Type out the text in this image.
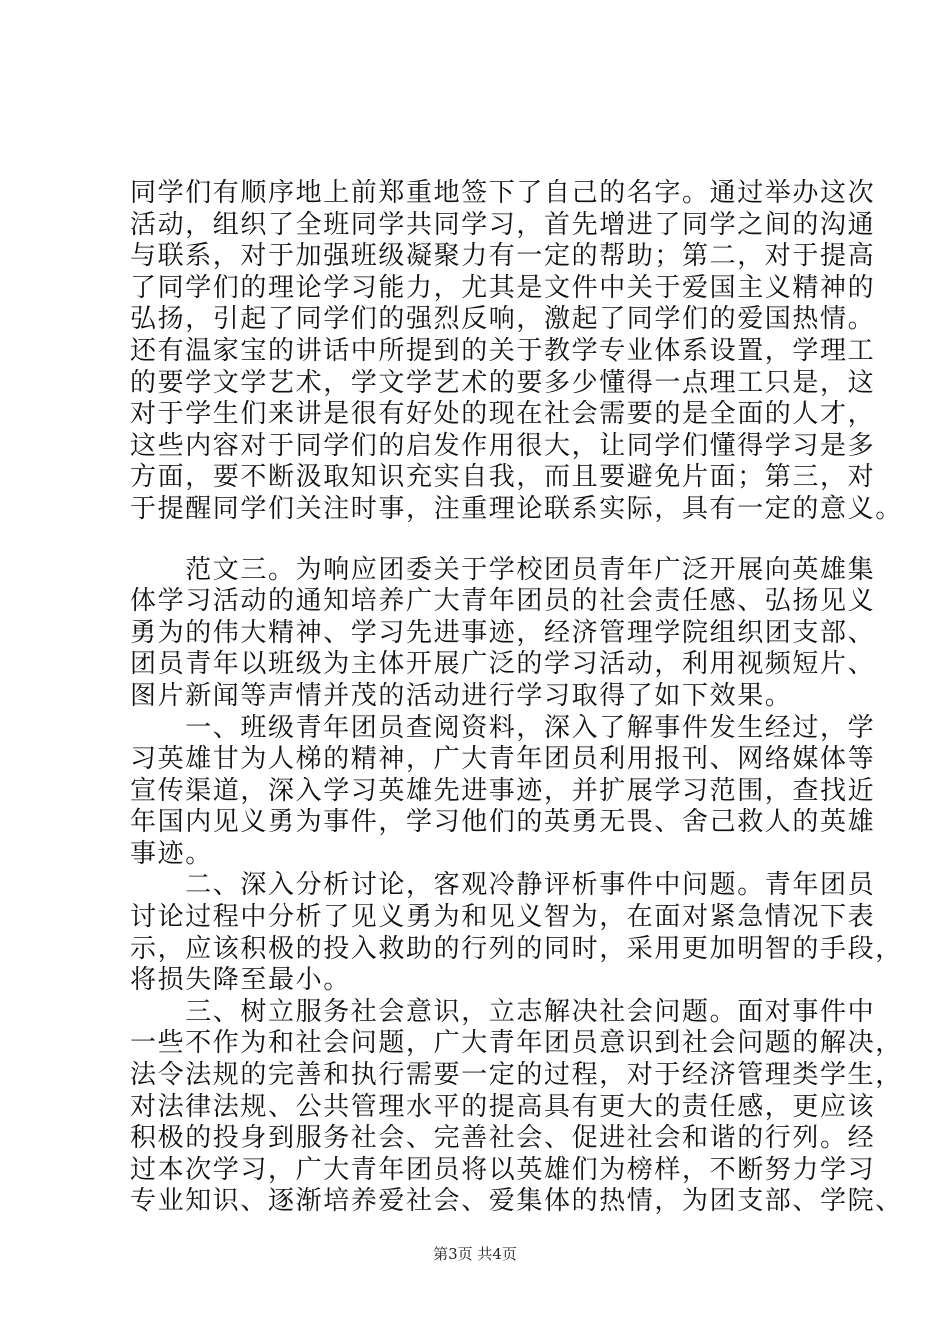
同学们有顺序地上前郑重地签下了自己的名字。通过举办这次
活动，组织了全班同学共同学习，首先增进了同学之间的沟通
与联系，对于加强班级凝聚力有一定的帮助；第二，对于提高
了同学们的理论学习能力，尤其是文件中关于爱国主义精神的
弘扬，引起了同学们的强烈反响，激起了同学们的爱国热情。
还有温家宝的讲话中所提到的关于教学专业体系设置，学理工
的要学文学艺术，学文学艺术的要多少懂得一点理工只是，这
对于学生们来讲是很有好处的现在社会需要的是全面的人才，
这些内容对于同学们的启发作用很大，让同学们懂得学习是多
方面，要不断汲取知识充实自我，而且要避免片面；第三，对
于提醒同学们关注时事，注重理论联系实际，具有一定的意义。
　　范文三。为响应团委关于学校团员青年广泛开展向英雄集
体学习活动的通知培养广大青年团员的社会责任感、弘扬见义
勇为的伟大精神、学习先进事迹，经济管理学院组织团支部、
团员青年以班级为主体开展广泛的学习活动，利用视频短片、
图片新闻等声情并茂的活动进行学习取得了如下效果。
　　一、班级青年团员查阅资料，深入了解事件发生经过，学
习英雄甘为人梯的精神，广大青年团员利用报刊、网络媒体等
宣传渠道，深入学习英雄先进事迹，并扩展学习范围，查找近
年国内见义勇为事件，学习他们的英勇无畏、舍己救人的英雄
事迹。
　　二、深入分析讨论，客观冷静评析事件中问题。青年团员
讨论过程中分析了见义勇为和见义智为，在面对紧急情况下表
示，应该积极的投入救助的行列的同时，采用更加明智的手段，
将损失降至最小。
　　三、树立服务社会意识，立志解决社会问题。面对事件中
一些不作为和社会问题，广大青年团员意识到社会问题的解决，
法令法规的完善和执行需要一定的过程，对于经济管理类学生，
对法律法规、公共管理水平的提高具有更大的责任感，更应该
积极的投身到服务社会、完善社会、促进社会和谐的行列。经
过本次学习，广大青年团员将以英雄们为榜样，不断努力学习
专业知识、逐渐培养爱社会、爱集体的热情，为团支部、学院、
第3页 共4页
